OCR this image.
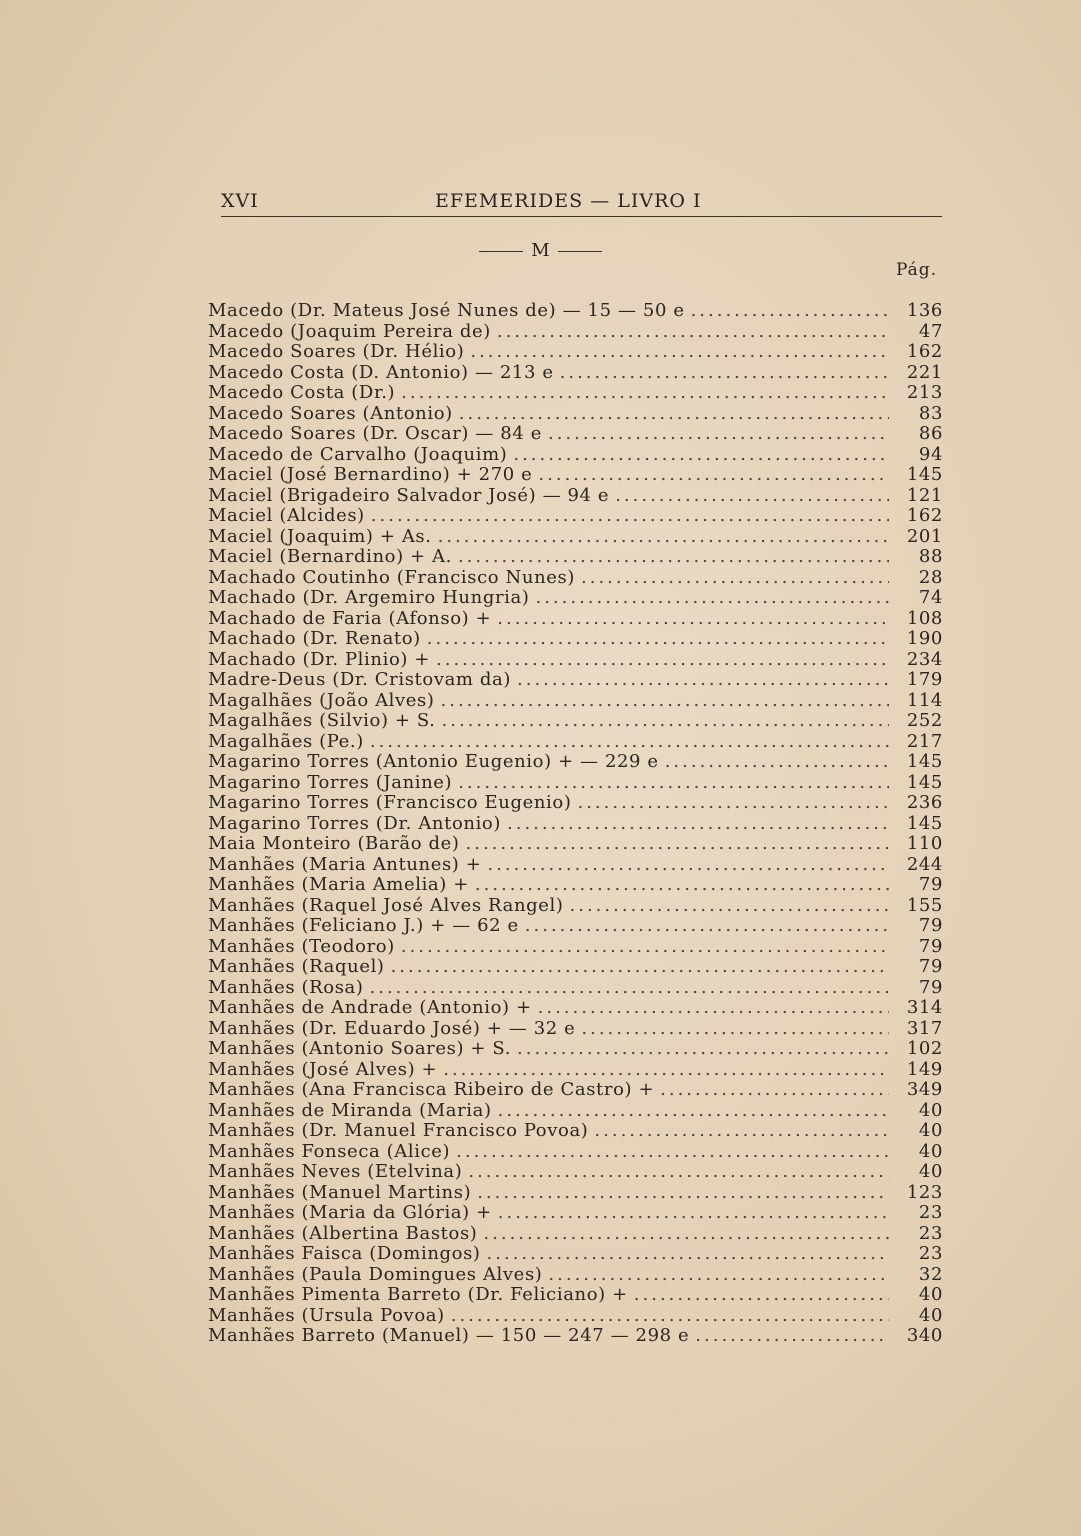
XVI	EFEMERIDES — LIVRO I
M
Pág.
Macedo (Dr. Mateus José Nunes de) — 15 — 50 e .....	136
Macedo (Joaquim Pereira de) .....	47
Macedo Soares (Dr. Hélio) .....	162
Macedo Costa (D. Antonio) — 213 e .....	221
Macedo Costa (Dr.) .....	213
Macedo Soares (Antonio) .....	83
Macedo Soares (Dr. Oscar) — 84 e .....	86
Macedo de Carvalho (Joaquim) .....	94
Maciel (José Bernardino) + 270 e .....	145
Maciel (Brigadeiro Salvador José) — 94 e .....	121
Maciel (Alcides) .....	162
Maciel (Joaquim) + As. .....	201
Maciel (Bernardino) + A. .....	88
Machado Coutinho (Francisco Nunes) .....	28
Machado (Dr. Argemiro Hungria) .....	74
Machado de Faria (Afonso) + .....	108
Machado (Dr. Renato) .....	190
Machado (Dr. Plinio) + .....	234
Madre-Deus (Dr. Cristovam da) .....	179
Magalhães (João Alves) .....	114
Magalhães (Silvio) + S. .....	252
Magalhães (Pe.) .....	217
Magarino Torres (Antonio Eugenio) + — 229 e .....	145
Magarino Torres (Janine) .....	145
Magarino Torres (Francisco Eugenio) .....	236
Magarino Torres (Dr. Antonio) .....	145
Maia Monteiro (Barão de) .....	110
Manhães (Maria Antunes) + .....	244
Manhães (Maria Amelia) + .....	79
Manhães (Raquel José Alves Rangel) .....	155
Manhães (Feliciano J.) + — 62 e .....	79
Manhães (Teodoro) .....	79
Manhães (Raquel) .....	79
Manhães (Rosa) .....	79
Manhães de Andrade (Antonio) + .....	314
Manhães (Dr. Eduardo José) + — 32 e .....	317
Manhães (Antonio Soares) + S. .....	102
Manhães (José Alves) + .....	149
Manhães (Ana Francisca Ribeiro de Castro) + .....	349
Manhães de Miranda (Maria) .....	40
Manhães (Dr. Manuel Francisco Povoa) .....	40
Manhães Fonseca (Alice) .....	40
Manhães Neves (Etelvina) .....	40
Manhães (Manuel Martins) .....	123
Manhães (Maria da Glória) + .....	23
Manhães (Albertina Bastos) .....	23
Manhães Faisca (Domingos) .....	23
Manhães (Paula Domingues Alves) .....	32
Manhães Pimenta Barreto (Dr. Feliciano) + .....	40
Manhães (Ursula Povoa) .....	40
Manhães Barreto (Manuel) — 150 — 247 — 298 e .....	340
